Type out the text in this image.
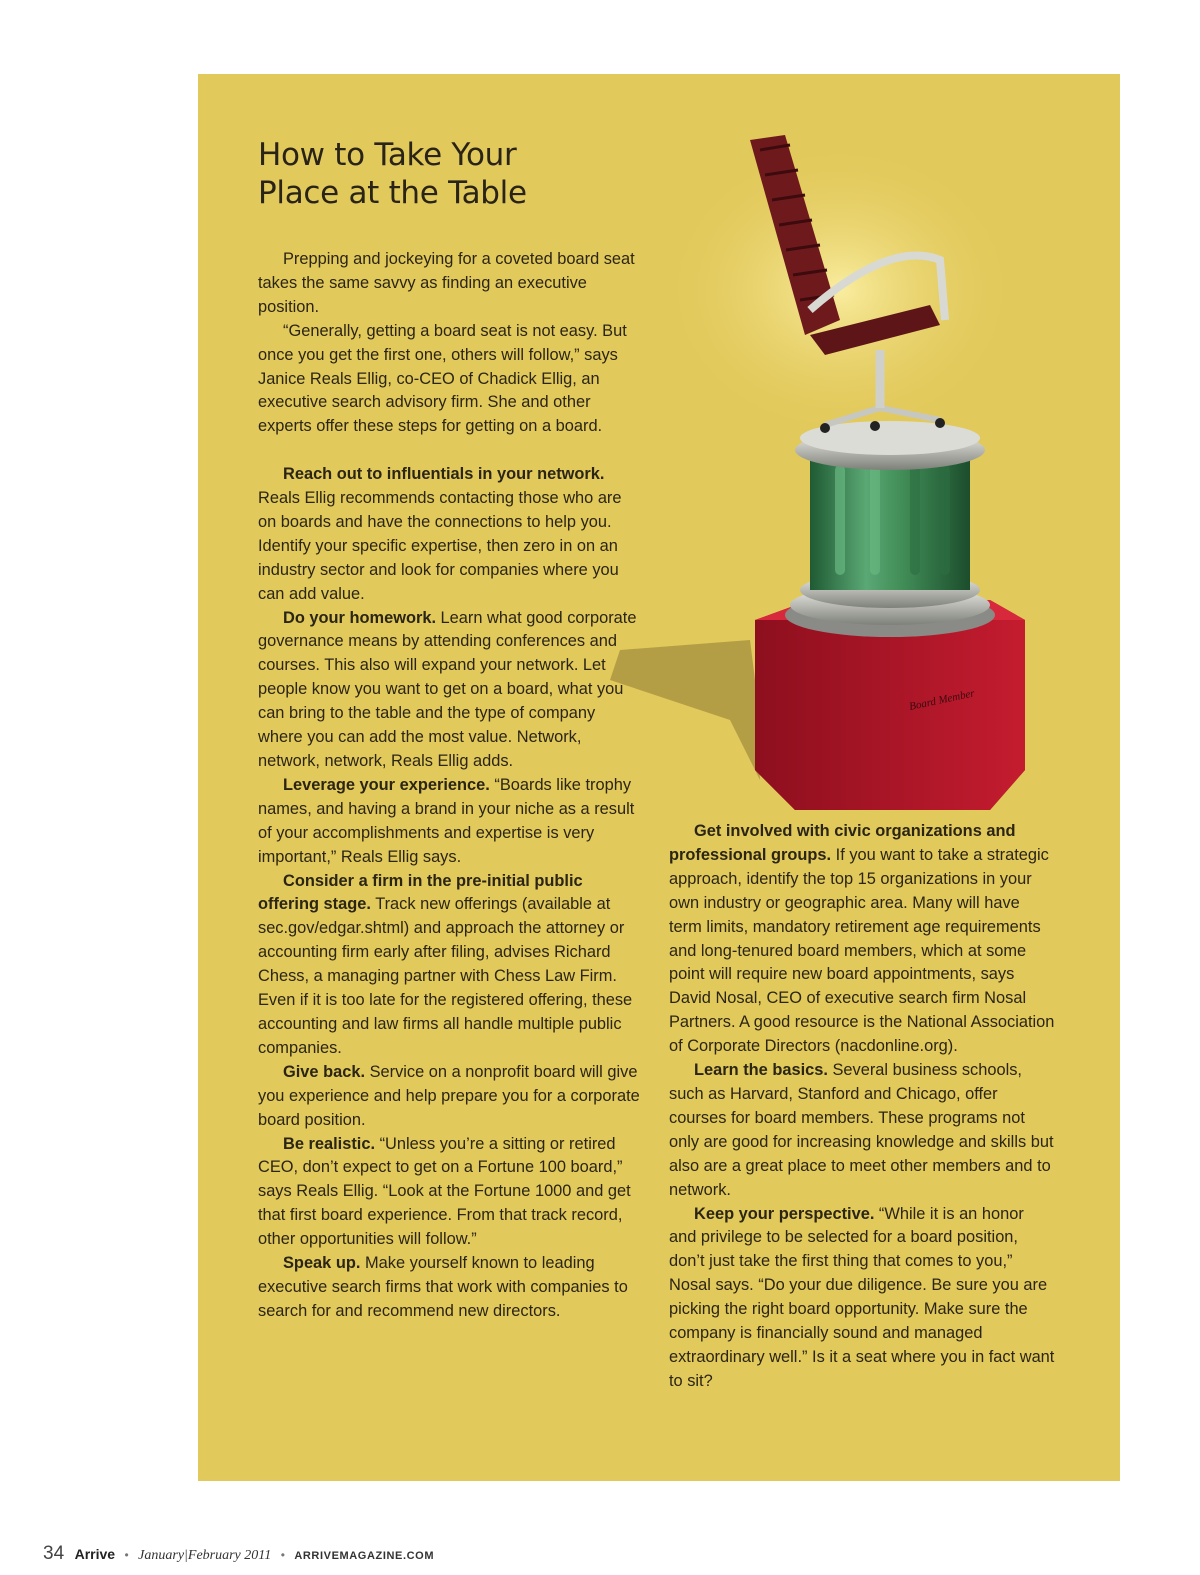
Board Member
How to Take Your
Place at the Table

Prepping and jockeying for a coveted board seat takes the same savvy as finding an executive position.

“Generally, getting a board seat is not easy. But once you get the first one, others will follow,” says Janice Reals Ellig, co-CEO of Chadick Ellig, an executive search advisory firm. She and other experts offer these steps for getting on a board.

Reach out to influentials in your network. Reals Ellig recommends contacting those who are on boards and have the connections to help you. Identify your specific expertise, then zero in on an industry sector and look for companies where you can add value.

Do your homework. Learn what good corporate governance means by attending conferences and courses. This also will expand your network. Let people know you want to get on a board, what you can bring to the table and the type of company where you can add the most value. Network, network, network, Reals Ellig adds.

Leverage your experience. “Boards like trophy names, and having a brand in your niche as a result of your accomplishments and expertise is very important,” Reals Ellig says.

Consider a firm in the pre-initial public offering stage. Track new offerings (available at sec.gov/edgar.shtml) and approach the attorney or accounting firm early after filing, advises Richard Chess, a managing partner with Chess Law Firm. Even if it is too late for the registered offering, these accounting and law firms all handle multiple public companies.

Give back. Service on a nonprofit board will give you experience and help prepare you for a corporate board position.

Be realistic. “Unless you’re a sitting or retired CEO, don’t expect to get on a Fortune 100 board,” says Reals Ellig. “Look at the Fortune 1000 and get that first board experience. From that track record, other opportunities will follow.”

Speak up. Make yourself known to leading executive search firms that work with companies to search for and recommend new directors.

Get involved with civic organizations and professional groups. If you want to take a strategic approach, identify the top 15 organizations in your own industry or geographic area. Many will have term limits, mandatory retirement age requirements and long-tenured board members, which at some point will require new board appointments, says David Nosal, CEO of executive search firm Nosal Partners. A good resource is the National Association of Corporate Directors (nacdonline.org).

Learn the basics. Several business schools, such as Harvard, Stanford and Chicago, offer courses for board members. These programs not only are good for increasing knowledge and skills but also are a great place to meet other members and to network.

Keep your perspective. “While it is an honor and privilege to be selected for a board position, don’t just take the first thing that comes to you,” Nosal says. “Do your due diligence. Be sure you are picking the right board opportunity. Make sure the company is financially sound and managed extraordinary well.” Is it a seat where you in fact want to sit?

34 Arrive • January|February 2011 • ARRIVEMAGAZINE.COM
